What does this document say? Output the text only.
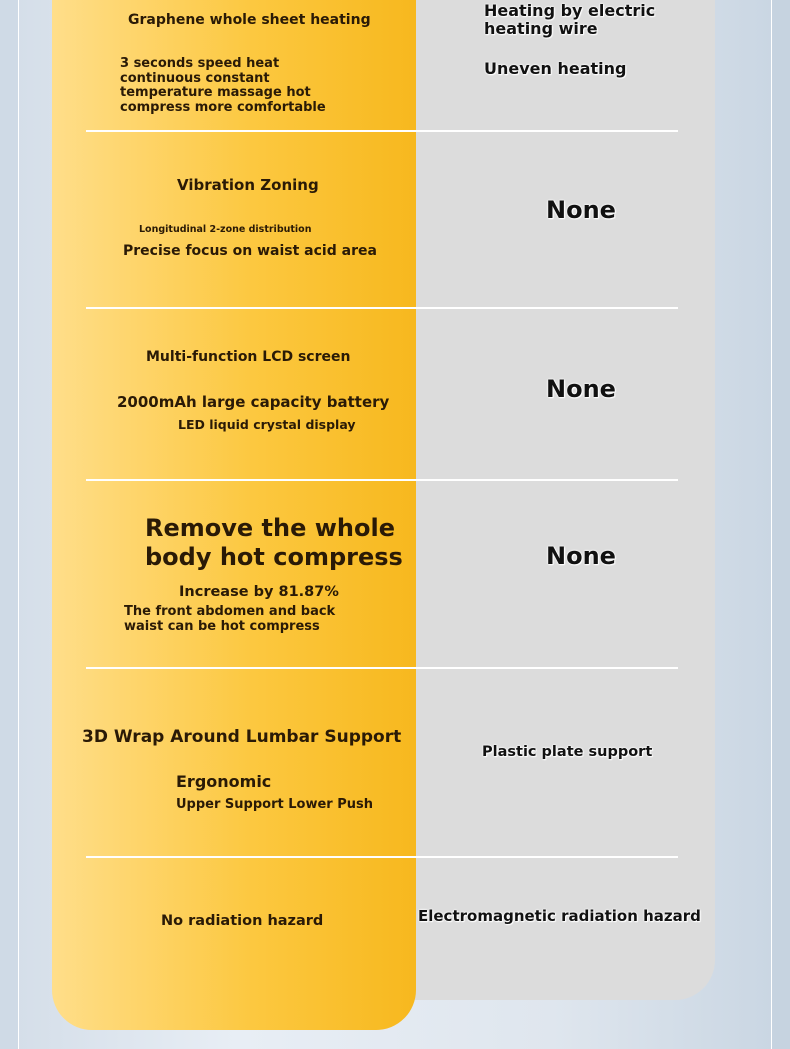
Graphene whole sheet heating

3 seconds speed heat

continuous constant

temperature massage hot

compress more comfortable

Heating by electric

heating wire

Uneven heating

Vibration Zoning

Longitudinal 2-zone distribution

Precise focus on waist acid area

None

Multi-function LCD screen

2000mAh large capacity battery

LED liquid crystal display

None

Remove the whole

body hot compress

Increase by 81.87%

The front abdomen and back

waist can be hot compress

None

3D Wrap Around Lumbar Support

Ergonomic

Upper Support Lower Push

Plastic plate support

No radiation hazard	Electromagnetic radiation hazard
